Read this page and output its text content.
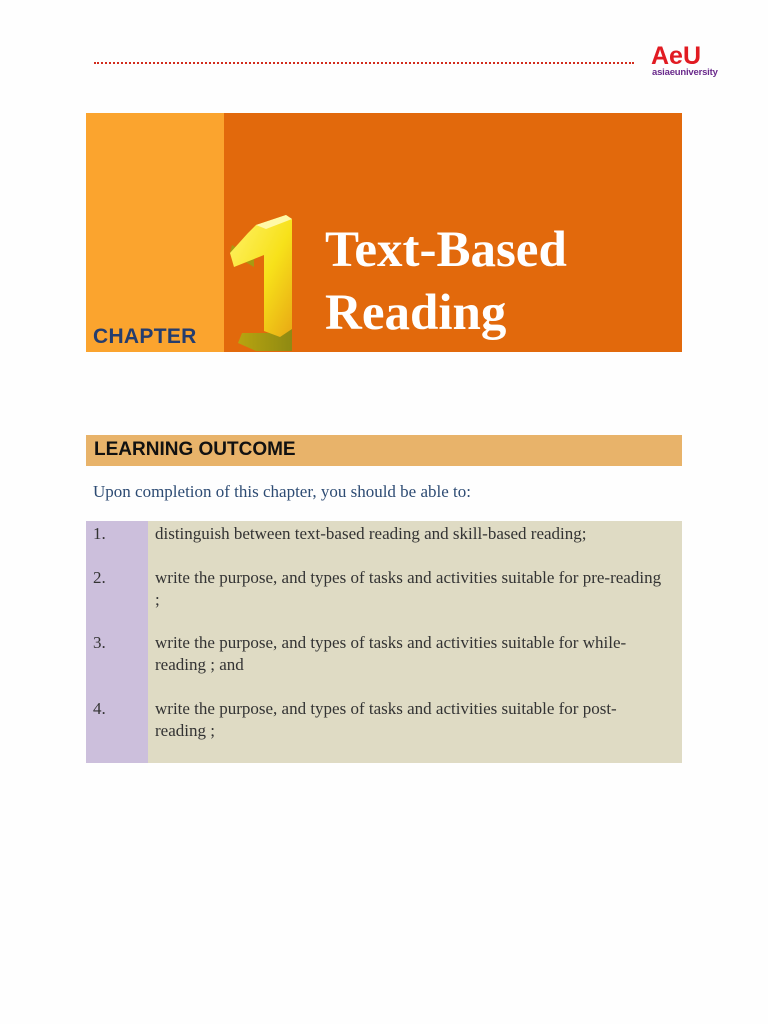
AeU
asiaeuniversity
CHAPTER
Text-Based
Reading
LEARNING OUTCOME
Upon completion of this chapter, you should be able to:
1.	distinguish between text-based reading and skill-based reading;
2.	write the purpose, and types of tasks and activities suitable for pre-reading ;
3.	write the purpose, and types of tasks and activities suitable for while-reading ; and
4.	write the purpose, and types of tasks and activities suitable for post-reading ;
